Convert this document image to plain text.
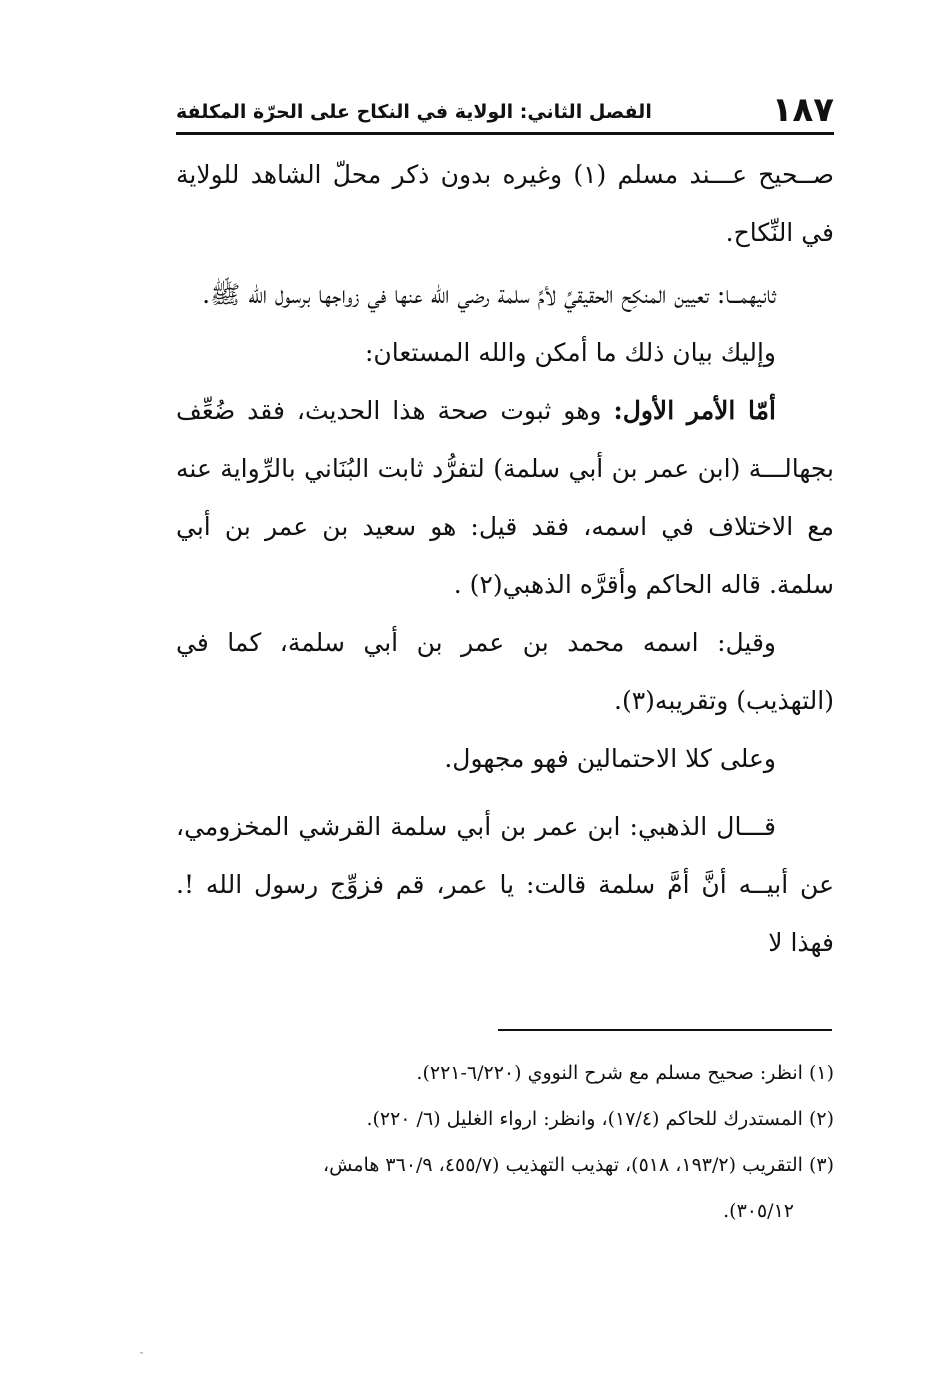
١٨٧
الفصل الثاني: الولاية في النكاح على الحرّة المكلفة

صــحيح عـــند مسلم (١) وغيره بدون ذكر محلّ الشاهد للولاية في النِّكاح.

ثانيهمـــا: تعيين المنكِح الحقيقيِّ لأمِّ سلمة رضي الله عنها في زواجها برسول الله ﷺ.

وإليك بيان ذلك ما أمكن والله المستعان:

أمّا الأمر الأول: وهو ثبوت صحة هذا الحديث، فقد ضُعِّف بجهالـــة (ابن عمر بن أبي سلمة) لتفرُّد ثابت البُنَاني بالرِّواية عنه مع الاختلاف في اسمه، فقد قيل: هو سعيد بن عمر بن أبي سلمة. قاله الحاكم وأقرَّه الذهبي(٢) .

وقيل: اسمه محمد بن عمر بن أبي سلمة، كما في (التهذيب) وتقريبه(٣).

وعلى كلا الاحتمالين فهو مجهول.

قـــال الذهبي: ابن عمر بن أبي سلمة القرشي المخزومي، عن أبيــه أنَّ أمَّ سلمة قالت: يا عمر، قم فزوِّج رسول الله !. فهذا لا

(١) انظر: صحيح مسلم مع شرح النووي (٦/٢٢٠-٢٢١).

(٢) المستدرك للحاكم (١٧/٤)، وانظر: ارواء الغليل (٦/ ٢٢٠).

(٣) التقريب (١٩٣/٢، ٥١٨)، تهذيب التهذيب (٤٥٥/٧، ٣٦٠/٩ هامش،

٣٠٥/١٢).

˜
